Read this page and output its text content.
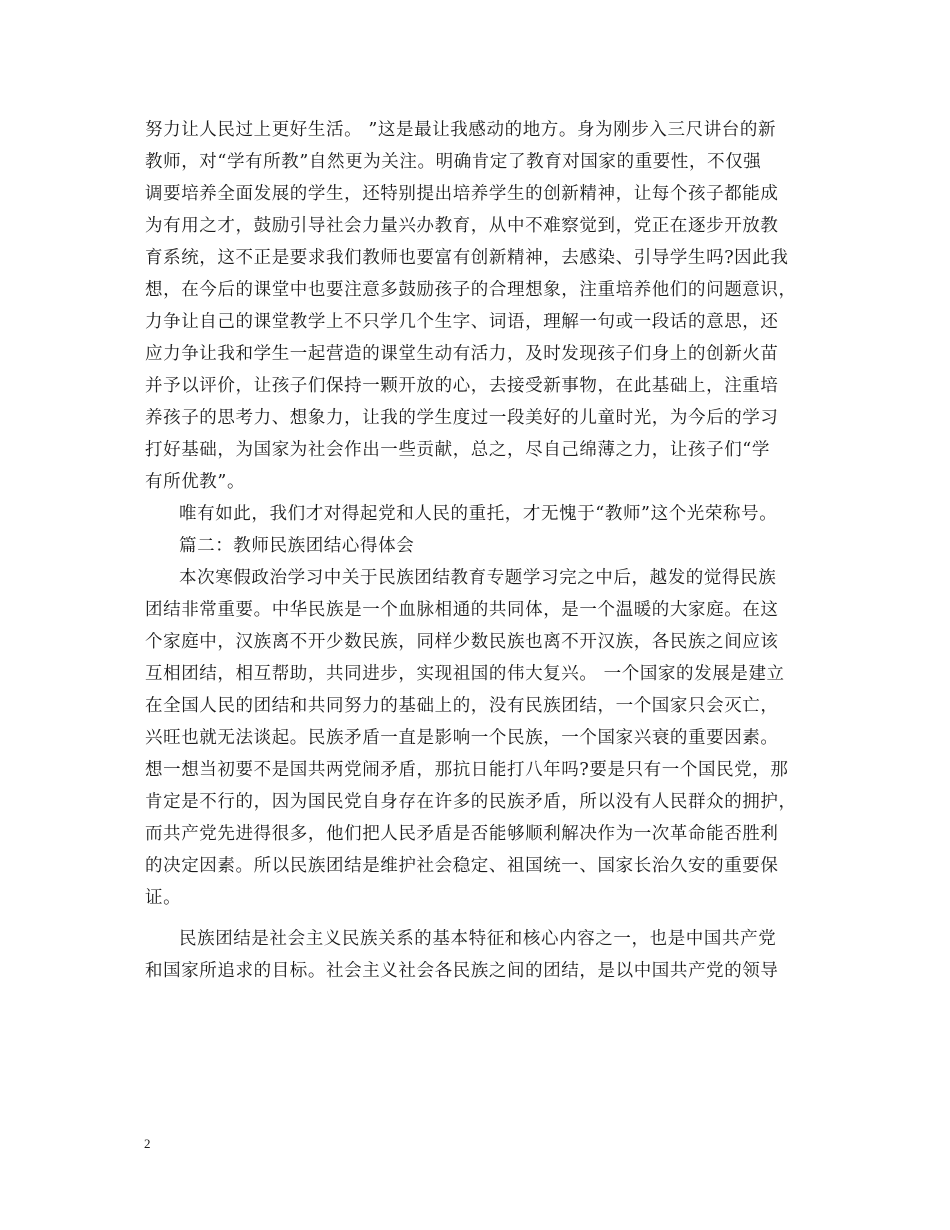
努力让人民过上更好生活。 ”这是最让我感动的地方。身为刚步入三尺讲台的新
教师，对“学有所教”自然更为关注。明确肯定了教育对国家的重要性，不仅强
调要培养全面发展的学生，还特别提出培养学生的创新精神，让每个孩子都能成
为有用之才，鼓励引导社会力量兴办教育，从中不难察觉到，党正在逐步开放教
育系统，这不正是要求我们教师也要富有创新精神，去感染、引导学生吗?因此我
想，在今后的课堂中也要注意多鼓励孩子的合理想象，注重培养他们的问题意识，
力争让自己的课堂教学上不只学几个生字、词语，理解一句或一段话的意思，还
应力争让我和学生一起营造的课堂生动有活力，及时发现孩子们身上的创新火苗
并予以评价，让孩子们保持一颗开放的心，去接受新事物，在此基础上，注重培
养孩子的思考力、想象力，让我的学生度过一段美好的儿童时光，为今后的学习
打好基础，为国家为社会作出一些贡献，总之，尽自己绵薄之力，让孩子们“学
有所优教”。
唯有如此，我们才对得起党和人民的重托，才无愧于“教师”这个光荣称号。
篇二：教师民族团结心得体会
本次寒假政治学习中关于民族团结教育专题学习完之中后，越发的觉得民族
团结非常重要。中华民族是一个血脉相通的共同体，是一个温暖的大家庭。在这
个家庭中，汉族离不开少数民族，同样少数民族也离不开汉族，各民族之间应该
互相团结，相互帮助，共同进步，实现祖国的伟大复兴。 一个国家的发展是建立
在全国人民的团结和共同努力的基础上的，没有民族团结，一个国家只会灭亡，
兴旺也就无法谈起。民族矛盾一直是影响一个民族，一个国家兴衰的重要因素。
想一想当初要不是国共两党闹矛盾，那抗日能打八年吗?要是只有一个国民党，那
肯定是不行的，因为国民党自身存在许多的民族矛盾，所以没有人民群众的拥护，
而共产党先进得很多，他们把人民矛盾是否能够顺利解决作为一次革命能否胜利
的决定因素。所以民族团结是维护社会稳定、祖国统一、国家长治久安的重要保
证。
民族团结是社会主义民族关系的基本特征和核心内容之一，也是中国共产党
和国家所追求的目标。社会主义社会各民族之间的团结，是以中国共产党的领导
2
